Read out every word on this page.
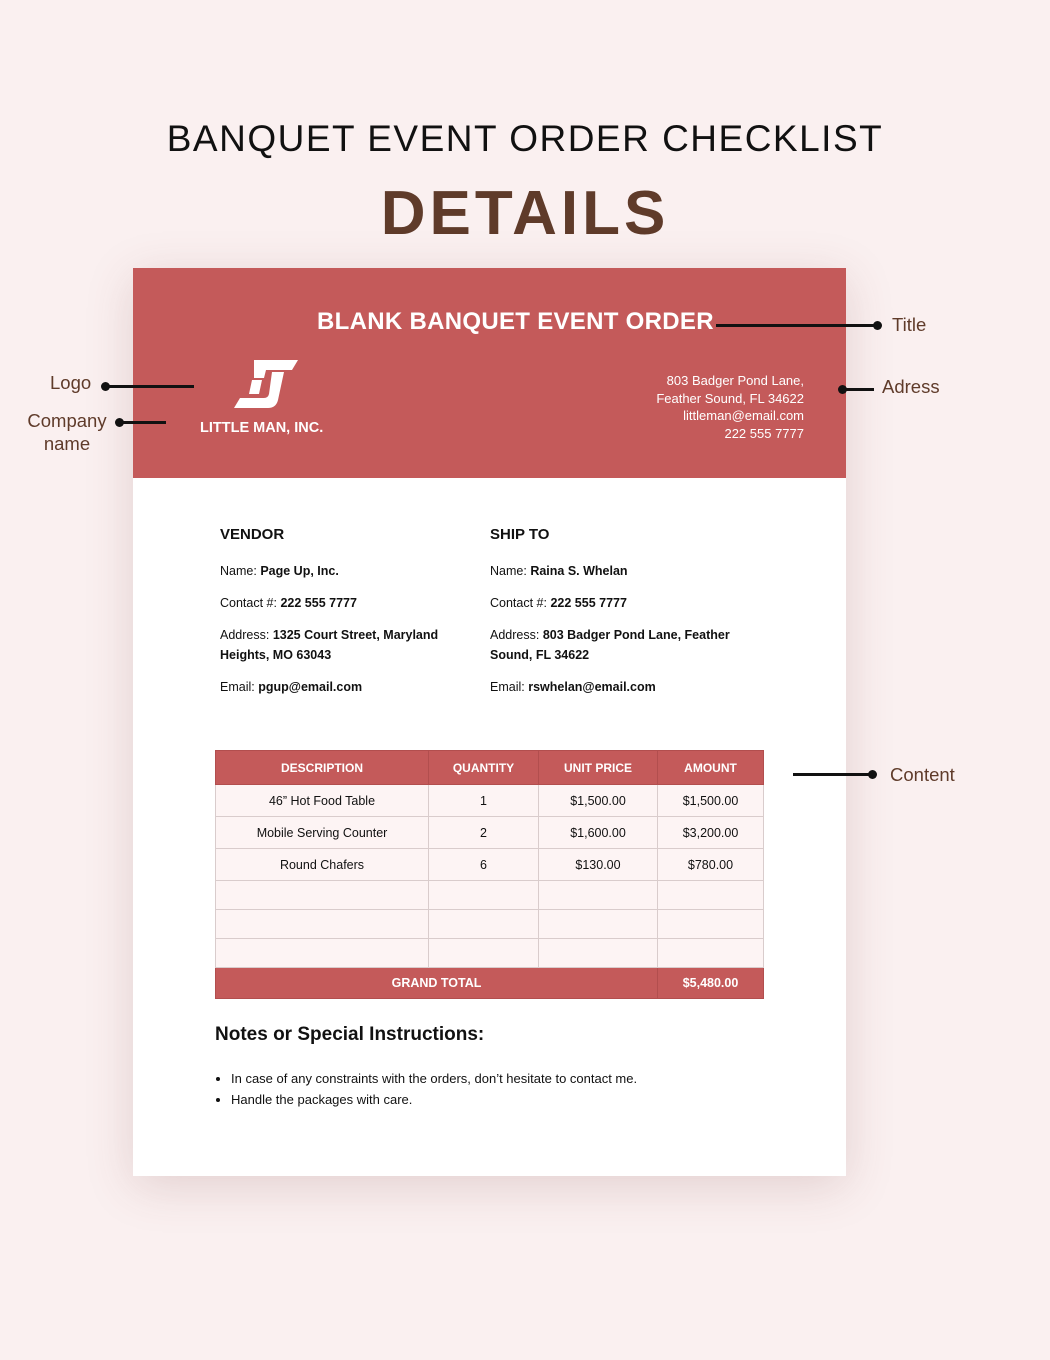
BANQUET EVENT ORDER CHECKLIST
DETAILS
BLANK BANQUET EVENT ORDER
LITTLE MAN, INC.
803 Badger Pond Lane,
Feather Sound, FL 34622
littleman@email.com
222 555 7777
VENDOR
Name: Page Up, Inc.
Contact #: 222 555 7777
Address: 1325 Court Street, Maryland Heights, MO 63043
Email: pgup@email.com
SHIP TO
Name: Raina S. Whelan
Contact #: 222 555 7777
Address: 803 Badger Pond Lane, Feather Sound, FL 34622
Email: rswhelan@email.com
DESCRIPTION	QUANTITY	UNIT PRICE	AMOUNT
46” Hot Food Table	1	$1,500.00	$1,500.00
Mobile Serving Counter	2	$1,600.00	$3,200.00
Round Chafers	6	$130.00	$780.00

GRAND TOTAL			$5,480.00
Notes or Special Instructions:
• In case of any constraints with the orders, don’t hesitate to contact me.
• Handle the packages with care.
Title
Adress
Logo
Company name
Content
